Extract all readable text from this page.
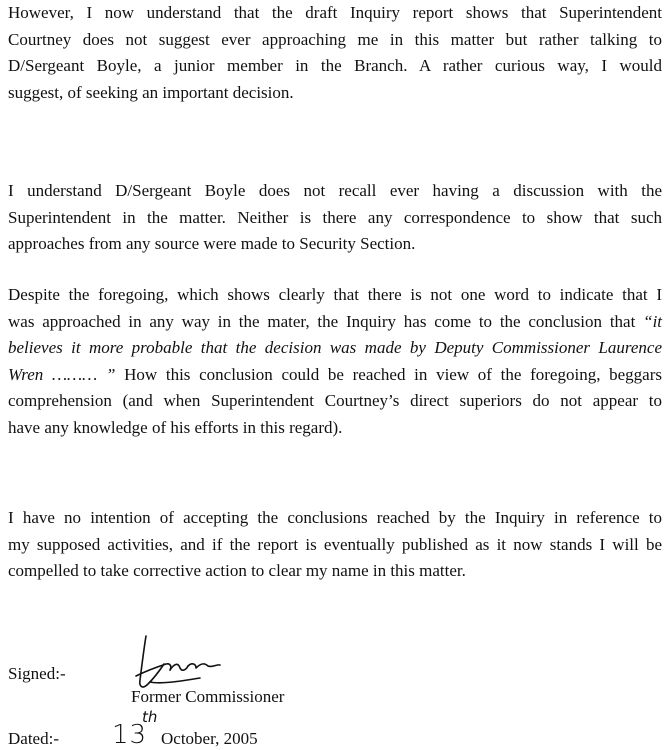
However, I now understand that the draft Inquiry report shows that Superintendent
Courtney does not suggest ever approaching me in this matter but rather talking to
D/Sergeant Boyle, a junior member in the Branch. A rather curious way, I would
suggest, of seeking an important decision.

I understand D/Sergeant Boyle does not recall ever having a discussion with the
Superintendent in the matter. Neither is there any correspondence to show that such
approaches from any source were made to Security Section.

Despite the foregoing, which shows clearly that there is not one word to indicate that I
was approached in any way in the mater, the Inquiry has come to the conclusion that “it
believes it more probable that the decision was made by Deputy Commissioner Laurence
Wren ……… ” How this conclusion could be reached in view of the foregoing, beggars
comprehension (and when Superintendent Courtney’s direct superiors do not appear to
have any knowledge of his efforts in this regard).

I have no intention of accepting the conclusions reached by the Inquiry in reference to
my supposed activities, and if the report is eventually published as it now stands I will be
compelled to take corrective action to clear my name in this matter.

Signed:-
Former Commissioner
Dated:- 13
th
October, 2005
